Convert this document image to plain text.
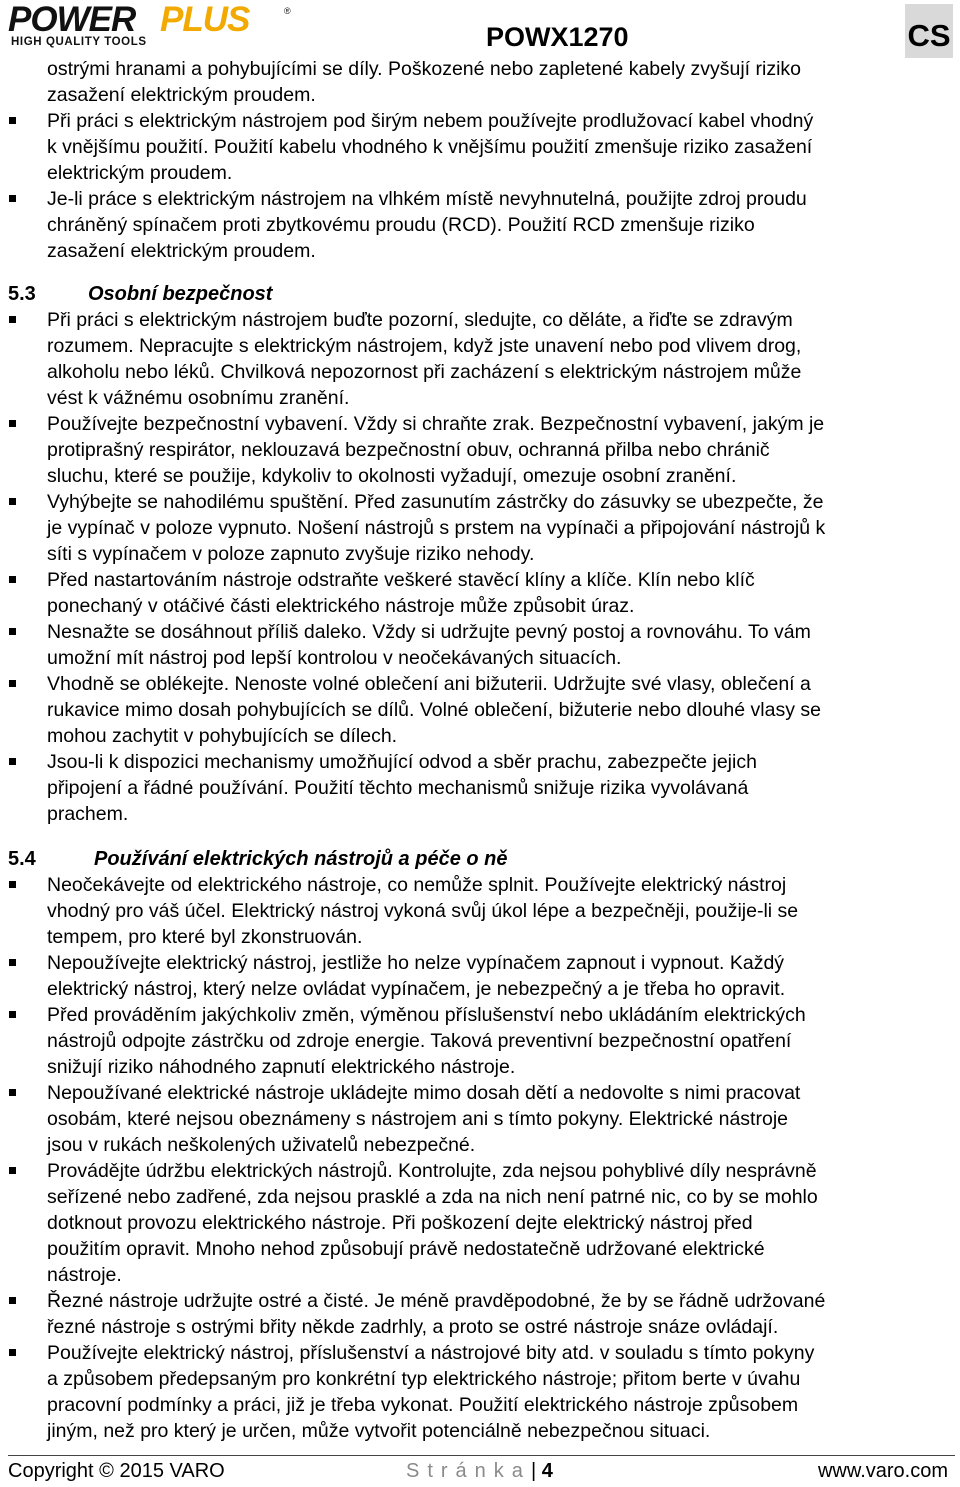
POWER PLUS	®
HIGH QUALITY TOOLS	POWX1270	CS
ostrými hranami a pohybujícími se díly. Poškozené nebo zapletené kabely zvyšují riziko
zasažení elektrickým proudem.
Při práci s elektrickým nástrojem pod širým nebem používejte prodlužovací kabel vhodný
k vnějšímu použití. Použití kabelu vhodného k vnějšímu použití zmenšuje riziko zasažení
elektrickým proudem.
Je-li práce s elektrickým nástrojem na vlhkém místě nevyhnutelná, použijte zdroj proudu
chráněný spínačem proti zbytkovému proudu (RCD). Použití RCD zmenšuje riziko
zasažení elektrickým proudem.
5.3	Osobní bezpečnost
Při práci s elektrickým nástrojem buďte pozorní, sledujte, co děláte, a řiďte se zdravým
rozumem. Nepracujte s elektrickým nástrojem, když jste unavení nebo pod vlivem drog,
alkoholu nebo léků. Chvilková nepozornost při zacházení s elektrickým nástrojem může
vést k vážnému osobnímu zranění.
Používejte bezpečnostní vybavení. Vždy si chraňte zrak. Bezpečnostní vybavení, jakým je
protiprašný respirátor, neklouzavá bezpečnostní obuv, ochranná přilba nebo chránič
sluchu, které se použije, kdykoliv to okolnosti vyžadují, omezuje osobní zranění.
Vyhýbejte se nahodilému spuštění. Před zasunutím zástrčky do zásuvky se ubezpečte, že
je vypínač v poloze vypnuto. Nošení nástrojů s prstem na vypínači a připojování nástrojů k
síti s vypínačem v poloze zapnuto zvyšuje riziko nehody.
Před nastartováním nástroje odstraňte veškeré stavěcí klíny a klíče. Klín nebo klíč
ponechaný v otáčivé části elektrického nástroje může způsobit úraz.
Nesnažte se dosáhnout příliš daleko. Vždy si udržujte pevný postoj a rovnováhu. To vám
umožní mít nástroj pod lepší kontrolou v neočekávaných situacích.
Vhodně se oblékejte. Nenoste volné oblečení ani bižuterii. Udržujte své vlasy, oblečení a
rukavice mimo dosah pohybujících se dílů. Volné oblečení, bižuterie nebo dlouhé vlasy se
mohou zachytit v pohybujících se dílech.
Jsou-li k dispozici mechanismy umožňující odvod a sběr prachu, zabezpečte jejich
připojení a řádné používání. Použití těchto mechanismů snižuje rizika vyvolávaná
prachem.
5.4	Používání elektrických nástrojů a péče o ně
Neočekávejte od elektrického nástroje, co nemůže splnit. Používejte elektrický nástroj
vhodný pro váš účel. Elektrický nástroj vykoná svůj úkol lépe a bezpečněji, použije-li se
tempem, pro které byl zkonstruován.
Nepoužívejte elektrický nástroj, jestliže ho nelze vypínačem zapnout i vypnout. Každý
elektrický nástroj, který nelze ovládat vypínačem, je nebezpečný a je třeba ho opravit.
Před prováděním jakýchkoliv změn, výměnou příslušenství nebo ukládáním elektrických
nástrojů odpojte zástrčku od zdroje energie. Taková preventivní bezpečnostní opatření
snižují riziko náhodného zapnutí elektrického nástroje.
Nepoužívané elektrické nástroje ukládejte mimo dosah dětí a nedovolte s nimi pracovat
osobám, které nejsou obeznámeny s nástrojem ani s tímto pokyny. Elektrické nástroje
jsou v rukách neškolených uživatelů nebezpečné.
Provádějte údržbu elektrických nástrojů. Kontrolujte, zda nejsou pohyblivé díly nesprávně
seřízené nebo zadřené, zda nejsou prasklé a zda na nich není patrné nic, co by se mohlo
dotknout provozu elektrického nástroje. Při poškození dejte elektrický nástroj před
použitím opravit. Mnoho nehod způsobují právě nedostatečně udržované elektrické
nástroje.
Řezné nástroje udržujte ostré a čisté. Je méně pravděpodobné, že by se řádně udržované
řezné nástroje s ostrými břity někde zadrhly, a proto se ostré nástroje snáze ovládají.
Používejte elektrický nástroj, příslušenství a nástrojové bity atd. v souladu s tímto pokyny
a způsobem předepsaným pro konkrétní typ elektrického nástroje; přitom berte v úvahu
pracovní podmínky a práci, již je třeba vykonat. Použití elektrického nástroje způsobem
jiným, než pro který je určen, může vytvořit potenciálně nebezpečnou situaci.
Copyright © 2015 VARO	Stránka| 4	www.varo.com
